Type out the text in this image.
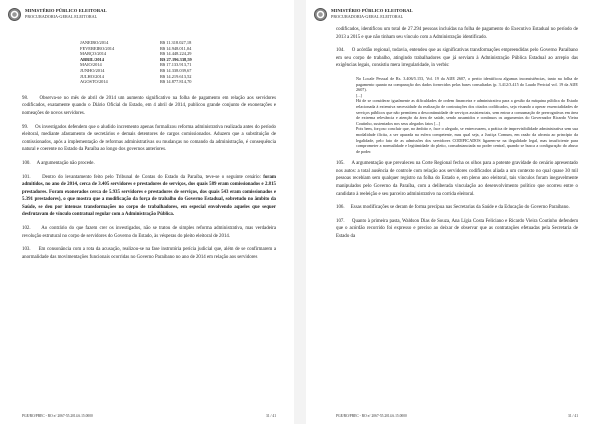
MINISTÉRIO PÚBLICO ELEITORAL
PROCURADORIA-GERAL ELEITORAL
JANEIRO/2014	R$ 11.318.027,18
FEVEREIRO/2014	R$ 14.948.011,04
MARÇO/2014	R$ 14.448.224,29
ABRIL/2014	R$ 27.196.338,59
MAIO/2014	R$ 17.133.913,71
JUNHO/2014	R$ 14.338.039,67
JULHO/2014	R$ 14.219.613,52
AGOSTO/2014	R$ 14.877.814,70

98.     Observa-se no mês de abril de 2014 um aumento significativo na folha de pagamento em relação aos servidores codificados, exatamente quando o Diário Oficial do Estado, em 4 abril de 2014, publicou grande conjunto de exonerações e nomeações de novos servidores.

99.     Os investigados defendem que o aludido incremento apenas formalizou reforma administrativa realizada antes do período eleitoral, mediante afastamento de secretários e demais detentores de cargos comissionados. Aduzem que a substituição de comissionados, após a implementação de reformas administrativas ou mudanças no comando da administração, é consequência natural e coerente no Estado da Paraíba ao longo dos governos anteriores.

100.     A argumentação não procede.

101.     Dentro do levantamento feito pelo Tribunal de Contas do Estado da Paraíba, teve-se o seguinte cenário: foram admitidos, no ano de 2014, cerca de 3.405 servidores e prestadores de serviços, dos quais 589 eram comissionados e 2.815 prestadores. Foram exonerados cerca de 5.935 servidores e prestadores de serviços, dos quais 543 eram comissionados e 5.391 prestadores), o que mostra que a modificação da força de trabalho do Governo Estadual, sobretudo no âmbito da Saúde, se deu por intensas transformações no corpo de trabalhadores, em especial envolvendo aqueles que sequer desfrutavam de vínculo contratual regular com a Administração Pública.

102.     Ao contrário do que fazem crer os investigados, não se tratou de simples reforma administrativa, mas verdadeira revolução estrutural no corpo de servidores do Governo do Estado, às vésperas do pleito eleitoral de 2014.

103.     Em consonância com a rota da acusação, realizou-se na fase instrutória perícia judicial que, além de se confirmarem a anormalidade das movimentações funcionais ocorridas no Governo Paraibano no ano de 2014 em relação aos servidores

PGE/RO/PBEC - RO nº 2067-55.2014.6.15.0000	31 / 41
MINISTÉRIO PÚBLICO ELEITORAL
PROCURADORIA-GERAL ELEITORAL

codificados, identificou um total de 27.294 pessoas incluídas na folha de pagamento do Executivo Estadual no período de 2013 a 2015 e que não tinham seu vínculo com a Administração identificado.

104.     O acórdão regional, todavia, entendeu que as significativas transformações empreendidas pelo Governo Paraibano em seu corpo de trabalho, atingindo trabalhadores que já serviam à Administração Pública Estadual ao arrepio das exigências legais, consistiu mera irregularidade, in verbis:

No Locale Pesssal de Rs. 3.406/5.153, Vol. 19 da AIJE 2607, o perito identificou algumas inconsistências, tanto na folha de pagamento quanto na comparação dos dados fornecidos pelas bases consultadas (p. 3.412/3.415 do Laudo Pericial vol. 19 da AIJE 2607).

[...]

Há de se considerar igualmente as dificuldades de ordem financeira e administrativa para a gestão da máquina pública do Estado relacionada à extensiva necessidade da realização de contratações dos citados codificados, seja visando a operar essencialidades de serviços públicos que não permitem a descontinuidade de serviços assistenciais, sem entrar a consumação de prerrogativas em área de extrema relevância e atenção da área de saúde, sendo assumidos e contínuos os argumentos do Governador Ricardo Vieira Coutinho, sustentados nos seus alegados fatos [...]

Pois bem, forçoso concluir que, no âmbito e, face o alegado, se entrecruzem, a prática de imprevisibilidade administrativa sem sua modalidade ilícita, a ser apurada na esfera competente, mas qual seja, a Justiça Comum, em razão da afronta ao princípio da legalidade, pelo fato de as admissões dos servidores CODIFICADOS ligarem-se na ilegalidade legal, mas insuficiente para comprometer a normalidade e legitimidade do pleito, consubstanciada no poder central, quando se busca a configuração do abuso de poder.

105.     A argumentação que prevaleceu na Corte Regional fecha os olhos para a potente gravidade do cenário apresentado nos autos: a total ausência de controle com relação aos servidores codificados aliada a um contexto no qual quase 30 mil pessoas recebiam sem qualquer registro na folha do Estado e, em pleno ano eleitoral, tais vínculos foram inegavelmente manipulados pelo Governo da Paraíba, com a deliberada vinculação ao desenvolvimento político que ocorreu entre o candidato à reeleição e seu parceiro administrativo na corrida eleitoral.

106.     Essas modificações se deram de forma precípua nas Secretarias da Saúde e da Educação do Governo Paraibano.

107.     Quanto à primeira pasta, Waldson Dias de Souza, Ana Lígia Costa Feliciano e Ricardo Vieira Coutinho defendem que o acórdão recorrido foi expresso e preciso ao deixar de observar que as contratações efetuadas pela Secretaria de Estado da

PGE/RO/PBEC - RO nº 2067-55.2014.6.15.0000	31 / 41
